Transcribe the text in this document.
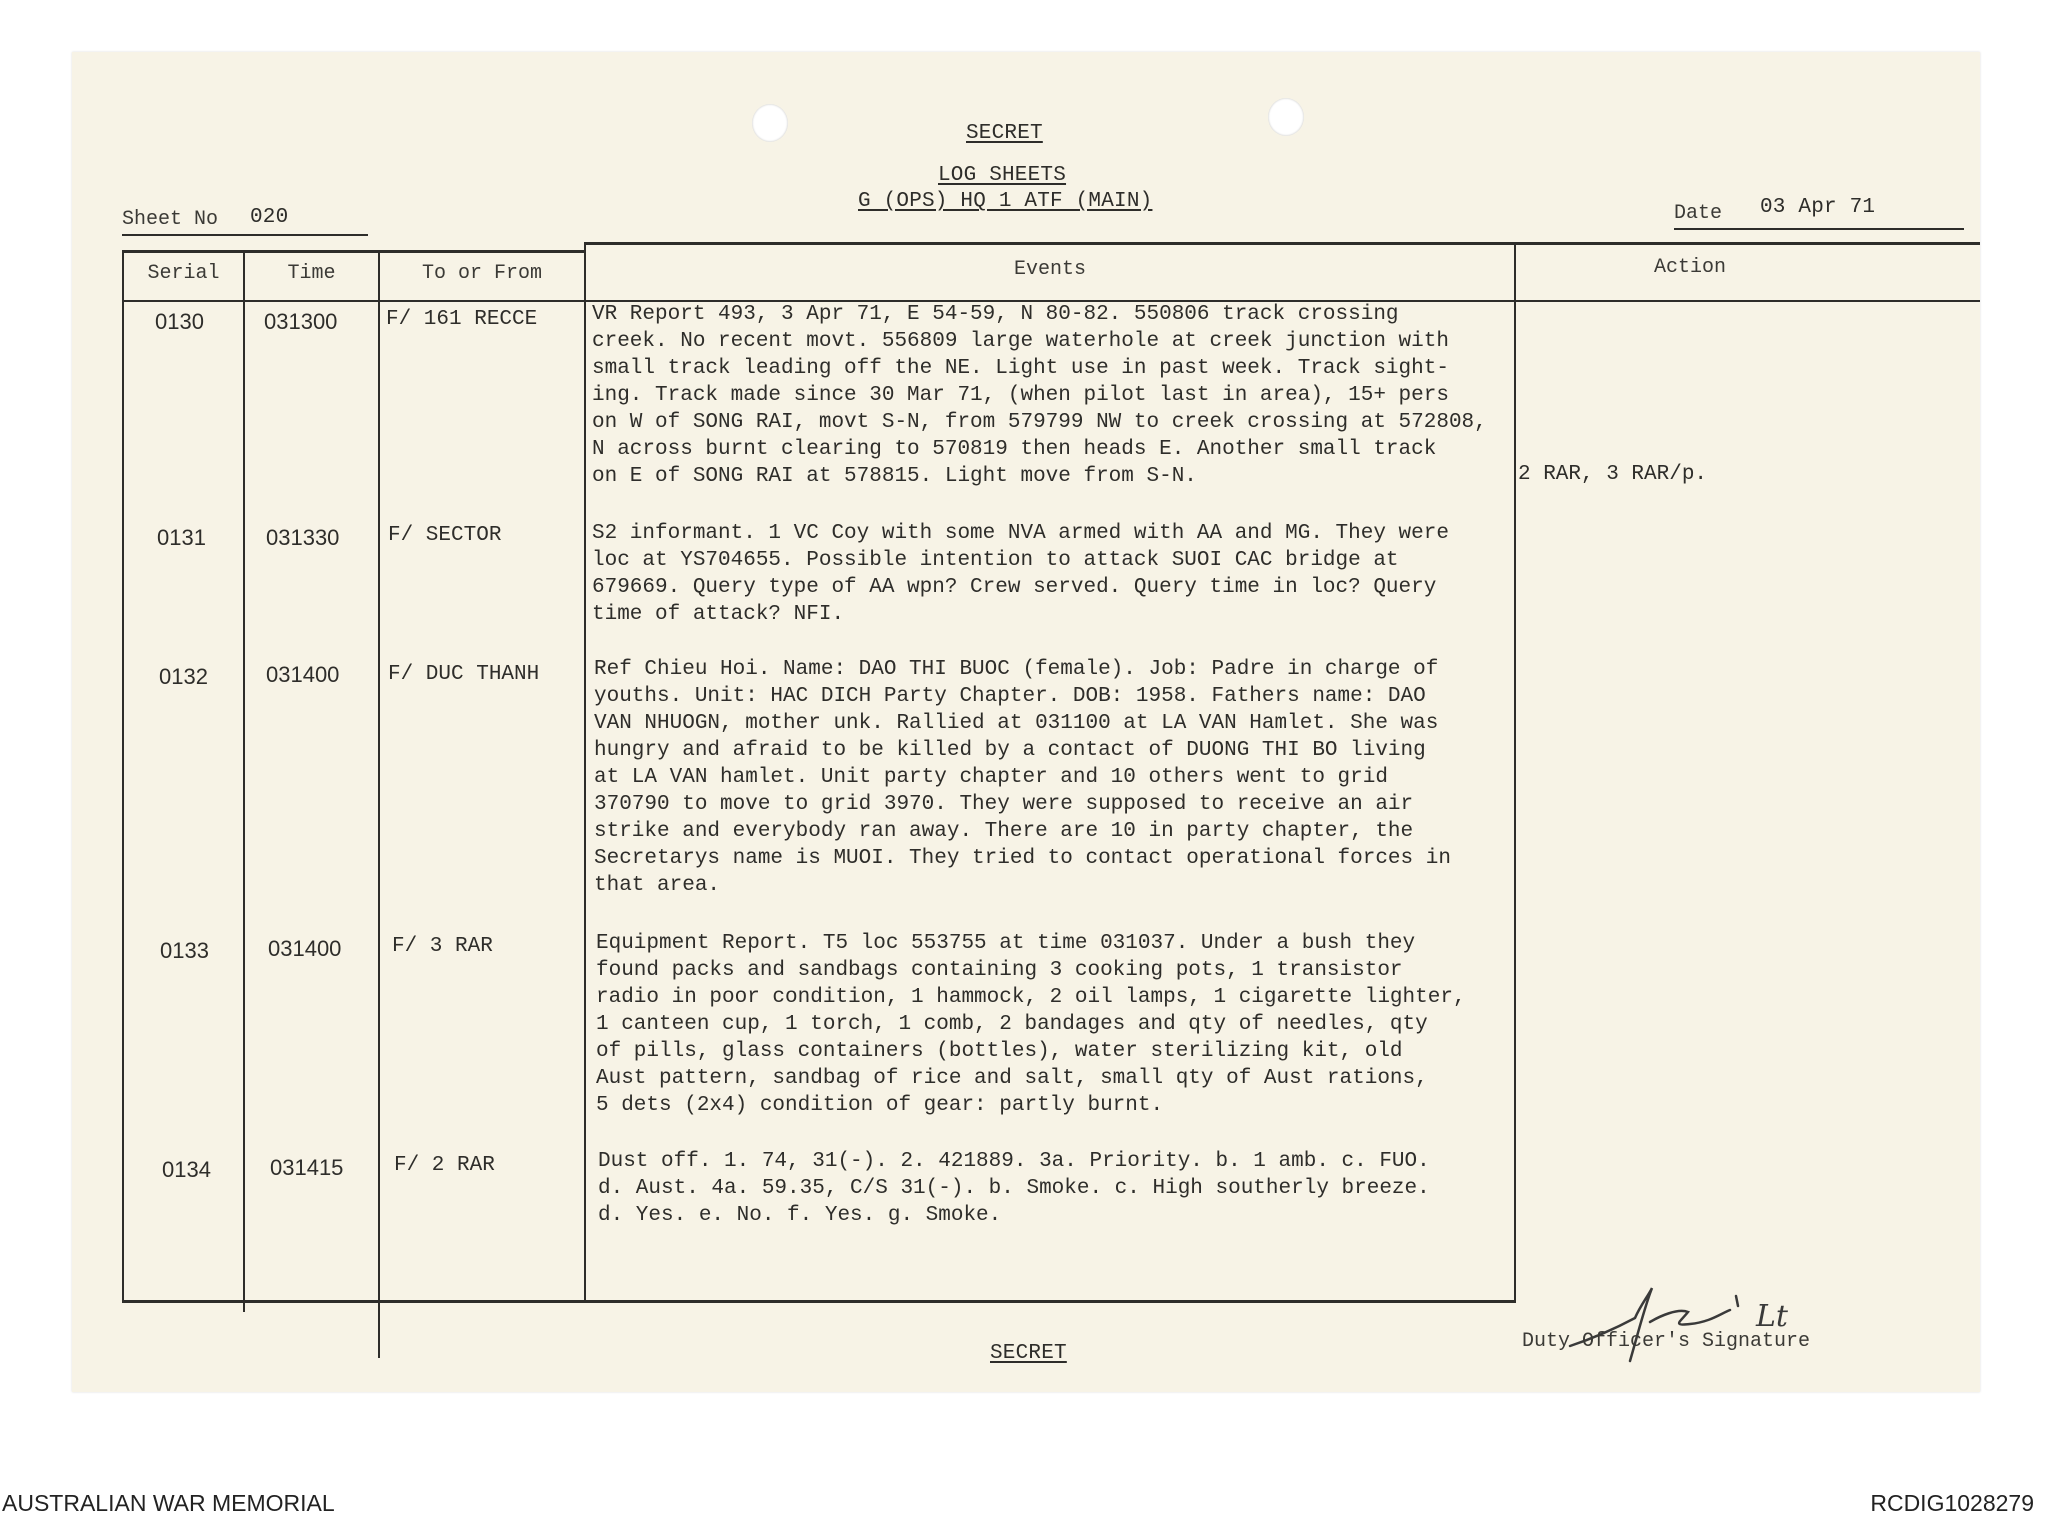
SECRET
LOG SHEETS
G (OPS) HQ 1 ATF (MAIN)
Sheet No 020	Date 03 Apr 71
Serial	Time	To or From	Events	Action
0130	031300 F/ 161 RECCE	VR Report 493, 3 Apr 71, E 54-59, N 80-82. 550806 track crossing
creek. No recent movt. 556809 large waterhole at creek junction with
small track leading off the NE. Light use in past week. Track sight-
ing. Track made since 30 Mar 71, (when pilot last in area), 15+ pers
on W of SONG RAI, movt S-N, from 579799 NW to creek crossing at 572808,
N across burnt clearing to 570819 then heads E. Another small track
on E of SONG RAI at 578815. Light move from S-N.	2 RAR, 3 RAR/p.
0131	031330 F/ SECTOR	S2 informant. 1 VC Coy with some NVA armed with AA and MG. They were
loc at YS704655. Possible intention to attack SUOI CAC bridge at
679669. Query type of AA wpn? Crew served. Query time in loc? Query
time of attack? NFI.
0132	031400 F/ DUC THANH	Ref Chieu Hoi. Name: DAO THI BUOC (female). Job: Padre in charge of
youths. Unit: HAC DICH Party Chapter. DOB: 1958. Fathers name: DAO
VAN NHUOGN, mother unk. Rallied at 031100 at LA VAN Hamlet. She was
hungry and afraid to be killed by a contact of DUONG THI BO living
at LA VAN hamlet. Unit party chapter and 10 others went to grid
370790 to move to grid 3970. They were supposed to receive an air
strike and everybody ran away. There are 10 in party chapter, the
Secretarys name is MUOI. They tried to contact operational forces in
that area.
0133	031400 F/ 3 RAR	Equipment Report. T5 loc 553755 at time 031037. Under a bush they
found packs and sandbags containing 3 cooking pots, 1 transistor
radio in poor condition, 1 hammock, 2 oil lamps, 1 cigarette lighter,
1 canteen cup, 1 torch, 1 comb, 2 bandages and qty of needles, qty
of pills, glass containers (bottles), water sterilizing kit, old
Aust pattern, sandbag of rice and salt, small qty of Aust rations,
5 dets (2x4) condition of gear: partly burnt.
0134	031415 F/ 2 RAR	Dust off. 1. 74, 31(-). 2. 421889. 3a. Priority. b. 1 amb. c. FUO.
d. Aust. 4a. 59.35, C/S 31(-). b. Smoke. c. High southerly breeze.
d. Yes. e. No. f. Yes. g. Smoke.
SECRET
Lt
Duty Officer's Signature
AUSTRALIAN WAR MEMORIAL	RCDIG1028279
